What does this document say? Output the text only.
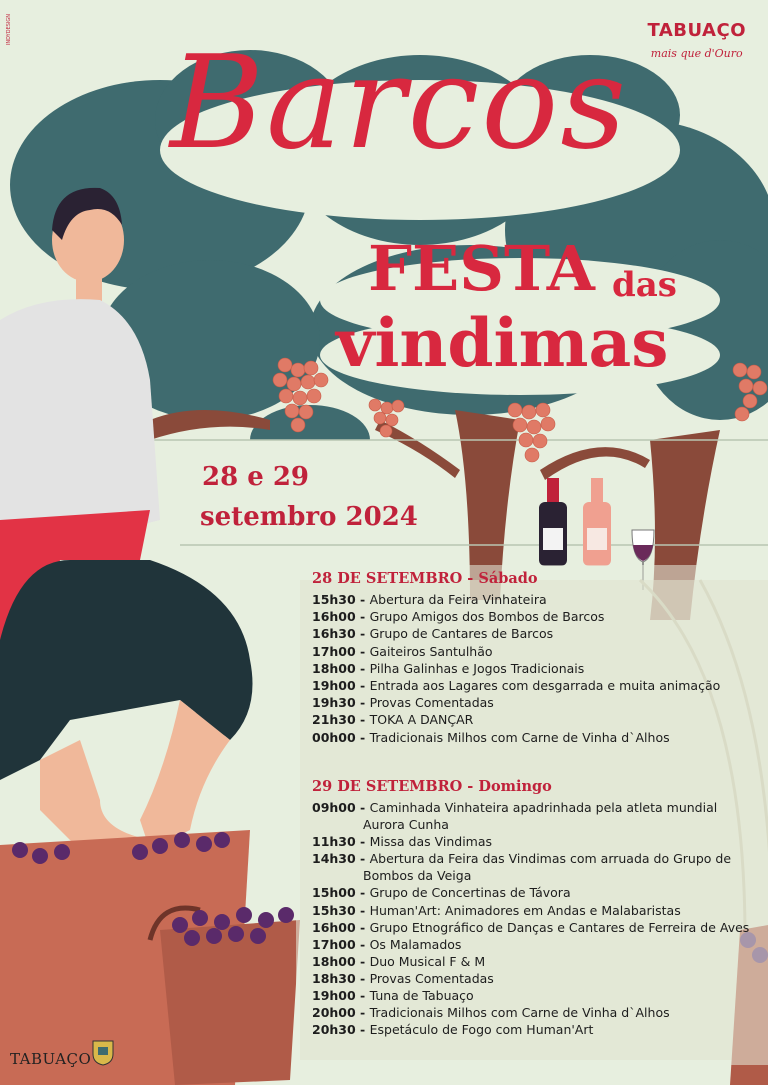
INDYDESIGN	TABUAÇO
mais que d'Ouro
Barcos
FESTA das
vindimas
28 e 29
setembro 2024
28 DE SETEMBRO - Sábado
15h30 - Abertura da Feira Vinhateira
16h00 - Grupo Amigos dos Bombos de Barcos
16h30 - Grupo de Cantares de Barcos
17h00 - Gaiteiros Santulhão
18h00 - Pilha Galinhas e Jogos Tradicionais
19h00 - Entrada aos Lagares com desgarrada e muita animação
19h30 - Provas Comentadas
21h30 - TOKA A DANÇAR
00h00 - Tradicionais Milhos com Carne de Vinha d`Alhos
29 DE SETEMBRO - Domingo
09h00 - Caminhada Vinhateira apadrinhada pela atleta mundial
Aurora Cunha
11h30 - Missa das Vindimas
14h30 - Abertura da Feira das Vindimas com arruada do Grupo de
Bombos da Veiga
15h00 - Grupo de Concertinas de Távora
15h30 - Human'Art: Animadores em Andas e Malabaristas
16h00 - Grupo Etnográfico de Danças e Cantares de Ferreira de Aves
17h00 - Os Malamados
18h00 - Duo Musical F & M
18h30 - Provas Comentadas
19h00 - Tuna de Tabuaço
20h00 - Tradicionais Milhos com Carne de Vinha d`Alhos
20h30 - Espetáculo de Fogo com Human'Art
TABUAÇO
